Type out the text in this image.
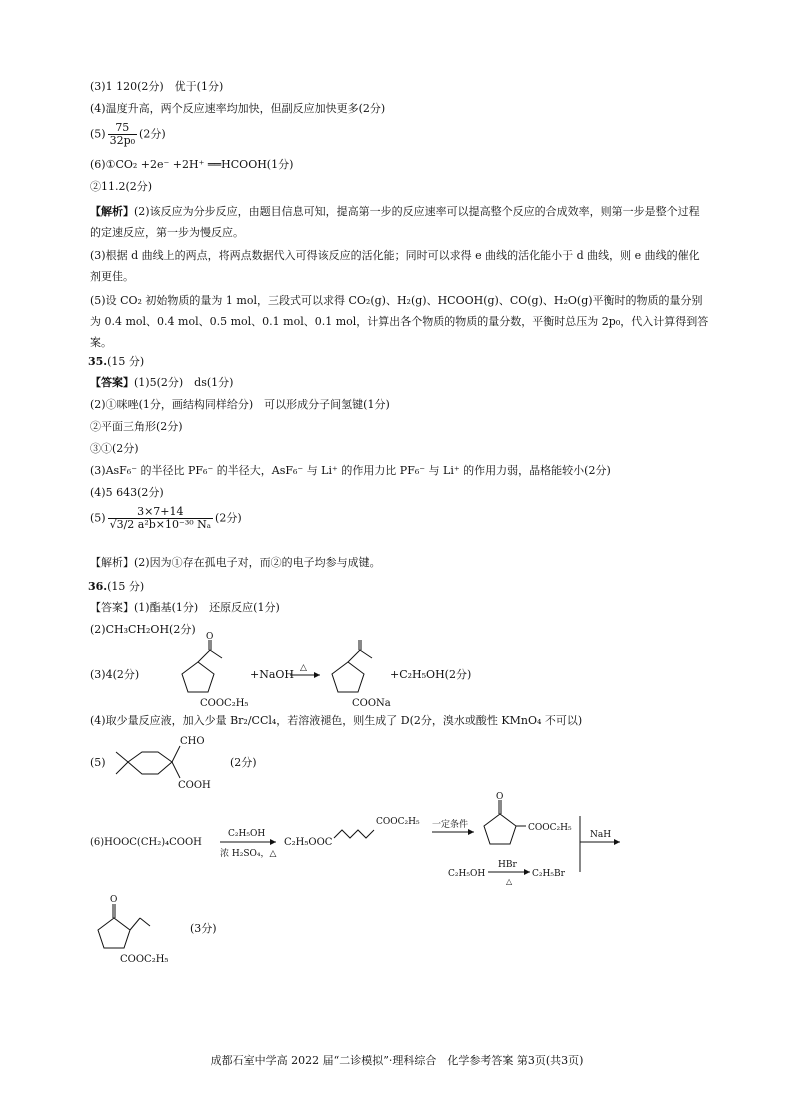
(3)1 120(2分)　优于(1分)
(4)温度升高，两个反应速率均加快，但副反应加快更多(2分)
$(5) \frac{75}{\text{32p₀}} (2$分)
(6)①CO₂ +2e⁻ +2H⁺ ══HCOOH(1分)
②11.2(2分)
【解析】(2)该反应为分步反应，由题目信息可知，提高第一步的反应速率可以提高整个反应的合成效率，则第一步是整个过程的定速反应，第一步为慢反应。
(3)根据 d 曲线上的两点，将两点数据代入可得该反应的活化能；同时可以求得 e 曲线的活化能小于 d 曲线，则 e 曲线的催化剂更佳。
(5)设 CO₂ 初始物质的量为 1 mol，三段式可以求得 CO₂(g)、H₂(g)、HCOOH(g)、CO(g)、H₂O(g)平衡时的物质的量分别为 0.4 mol、0.4 mol、0.5 mol、0.1 mol、0.1 mol，计算出各个物质的物质的量分数，平衡时总压为 2p₀，代入计算得到答案。
35.(15 分)
【答案】(1)5(2分)　ds(1分)
(2)①咪唑(1分，画结构同样给分)　可以形成分子间氢键(1分)
②平面三角形(2分)
③①(2分)
(3)AsF₆⁻ 的半径比 PF₆⁻ 的半径大，AsF₆⁻ 与 Li⁺ 的作用力比 PF₆⁻ 与 Li⁺ 的作用力弱，晶格能较小(2分)
(4)5 643(2分)
$(5) \frac{3\times 7+14}{\text{√3/2 a²b×10⁻³⁰ Nₐ}} (2$分)
【解析】(2)因为①存在孤电子对，而②的电子均参与成键。
36.(15 分)
【答案】(1)酯基(1分)　还原反应(1分)
(2)CH₃CH₂OH(2分)
(3)4(2分)
O
COOC₂H₅
+NaOH △
COONa
+C₂H₅OH(2分)
(4)取少量反应液，加入少量 Br₂/CCl₄，若溶液褪色，则生成了 D(2分，溴水或酸性 KMnO₄ 不可以)
(5)
CHO
COOH
(2分)
(6)HOOC(CH₂)₄COOH
C₂H₅OH
浓 H₂SO₄，△
C₂H₅OOC
COOC₂H₅ 一定条件
O
COOC₂H₅
NaH
C₂H₅OH
HBr
△
C₂H₅Br
O
COOC₂H₅
(3分)
成都石室中学高 2022 届“二诊模拟”·理科综合　化学参考答案 第3页(共3页)
